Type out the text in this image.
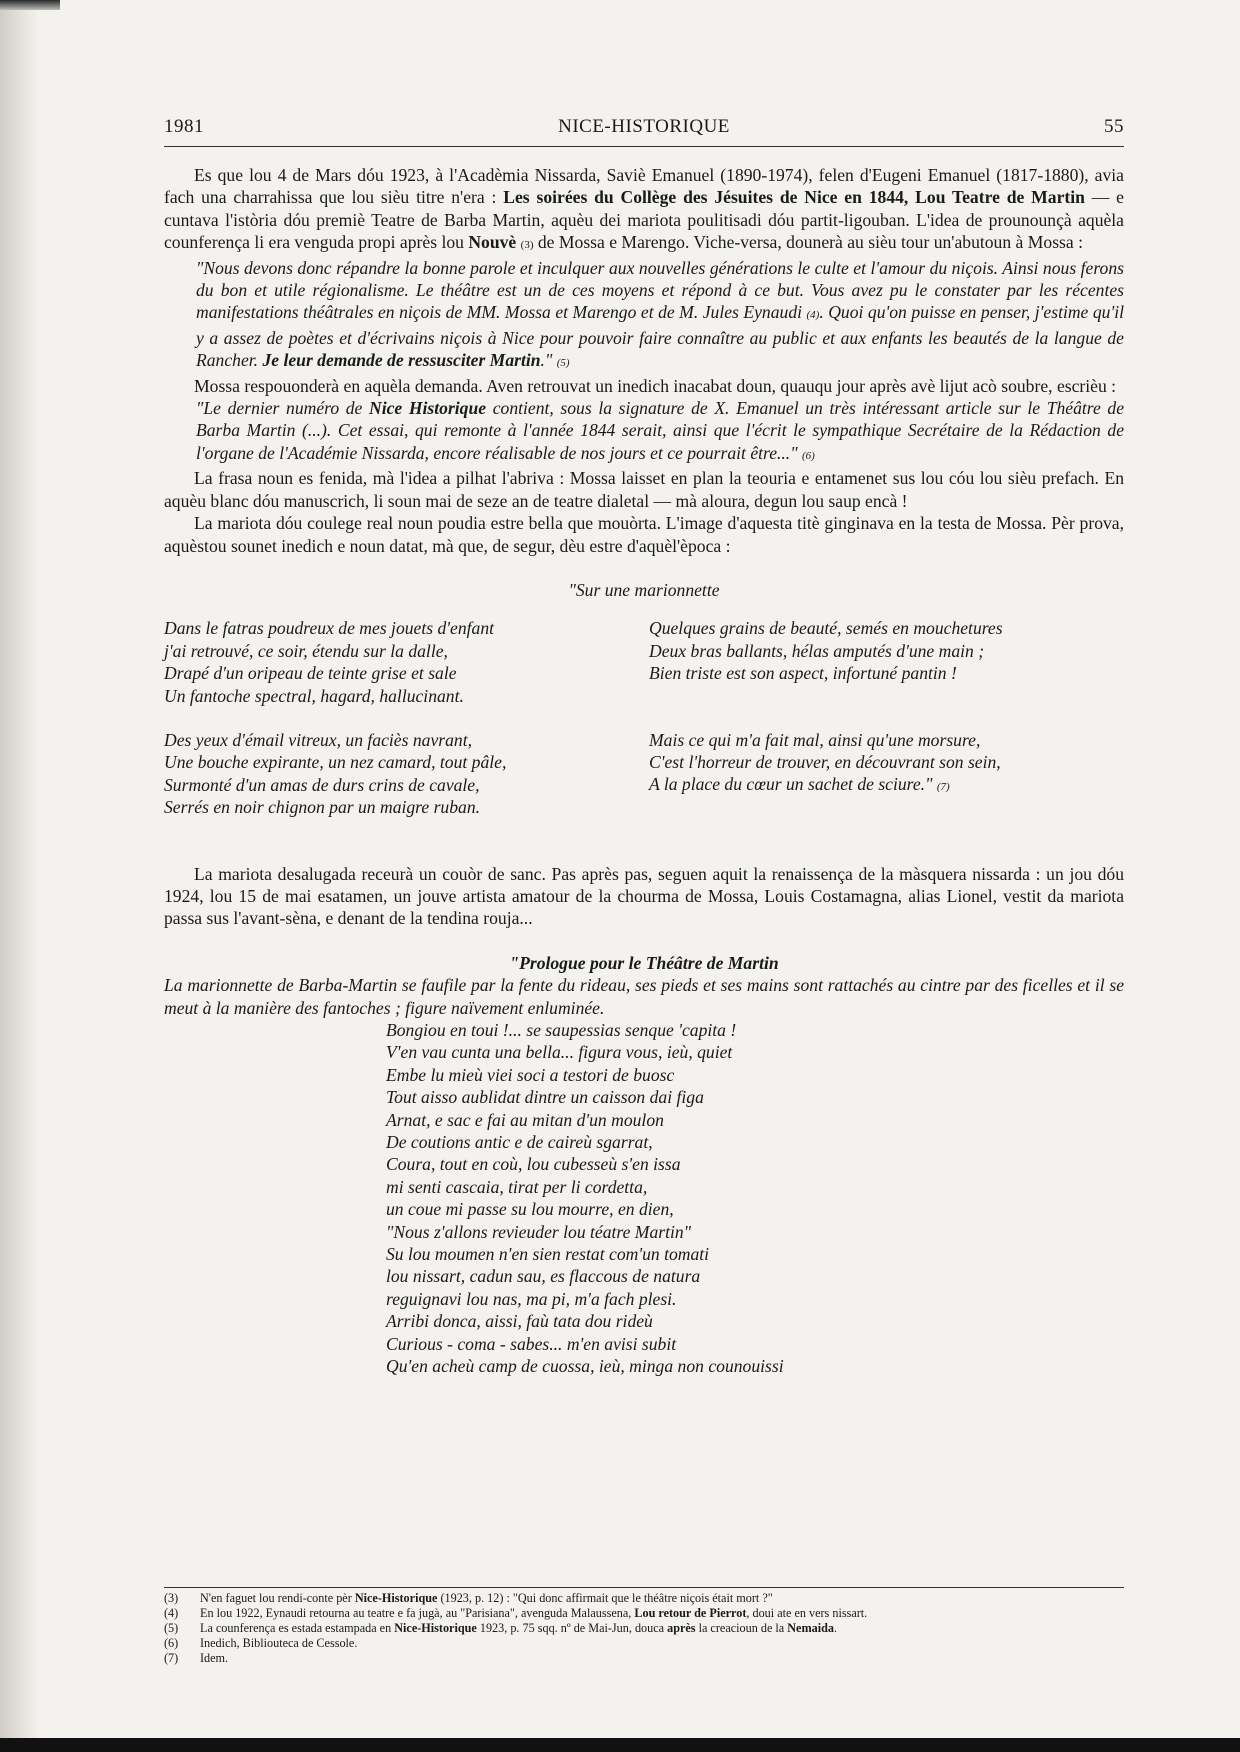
1981	NICE-HISTORIQUE	55

Es que lou 4 de Mars dóu 1923, à l'Acadèmia Nissarda, Saviè Emanuel (1890-1974), felen d'Eugeni Emanuel (1817-1880), avia fach una charrahissa que lou sièu titre n'era : Les soirées du Collège des Jésuites de Nice en 1844, Lou Teatre de Martin — e cuntava l'istòria dóu premiè Teatre de Barba Martin, aquèu dei mariota poulitisadi dóu partit-ligouban. L'idea de prounounçà aquèla counferença li era venguda propi après lou Nouvè (3) de Mossa e Marengo. Viche-versa, dounerà au sièu tour un'abutoun à Mossa :

"Nous devons donc répandre la bonne parole et inculquer aux nouvelles générations le culte et l'amour du niçois. Ainsi nous ferons du bon et utile régionalisme. Le théâtre est un de ces moyens et répond à ce but. Vous avez pu le constater par les récentes manifestations théâtrales en niçois de MM. Mossa et Marengo et de M. Jules Eynaudi (4). Quoi qu'on puisse en penser, j'estime qu'il y a assez de poètes et d'écrivains niçois à Nice pour pouvoir faire connaître au public et aux enfants les beautés de la langue de Rancher. Je leur demande de ressusciter Martin." (5)

Mossa respouonderà en aquèla demanda. Aven retrouvat un inedich inacabat doun, quauqu jour après avè lijut acò soubre, escrièu :

"Le dernier numéro de Nice Historique contient, sous la signature de X. Emanuel un très intéressant article sur le Théâtre de Barba Martin (...). Cet essai, qui remonte à l'année 1844 serait, ainsi que l'écrit le sympathique Secrétaire de la Rédaction de l'organe de l'Académie Nissarda, encore réalisable de nos jours et ce pourrait être..." (6)

La frasa noun es fenida, mà l'idea a pilhat l'abriva : Mossa laisset en plan la teouria e entamenet sus lou cóu lou sièu prefach. En aquèu blanc dóu manuscrich, li soun mai de seze an de teatre dialetal — mà aloura, degun lou saup encà !

La mariota dóu coulege real noun poudia estre bella que mouòrta. L'image d'aquesta titè ginginava en la testa de Mossa. Pèr prova, aquèstou sounet inedich e noun datat, mà que, de segur, dèu estre d'aquèl'època :

"Sur une marionnette

Dans le fatras poudreux de mes jouets d'enfant
j'ai retrouvé, ce soir, étendu sur la dalle,
Drapé d'un oripeau de teinte grise et sale
Un fantoche spectral, hagard, hallucinant.
Des yeux d'émail vitreux, un faciès navrant,
Une bouche expirante, un nez camard, tout pâle,
Surmonté d'un amas de durs crins de cavale,
Serrés en noir chignon par un maigre ruban.
Quelques grains de beauté, semés en mouchetures
Deux bras ballants, hélas amputés d'une main ;
Bien triste est son aspect, infortuné pantin !
Mais ce qui m'a fait mal, ainsi qu'une morsure,
C'est l'horreur de trouver, en découvrant son sein,
A la place du cœur un sachet de sciure." (7)

La mariota desalugada receurà un couòr de sanc. Pas après pas, seguen aquit la renaissença de la màsquera nissarda : un jou dóu 1924, lou 15 de mai esatamen, un jouve artista amatour de la chourma de Mossa, Louis Costamagna, alias Lionel, vestit da mariota passa sus l'avant-sèna, e denant de la tendina rouja...

"Prologue pour le Théâtre de Martin

La marionnette de Barba-Martin se faufile par la fente du rideau, ses pieds et ses mains sont rattachés au cintre par des ficelles et il se meut à la manière des fantoches ; figure naïvement enluminée.

Bongiou en toui !... se saupessias senque 'capita !
V'en vau cunta una bella... figura vous, ieù, quiet
Embe lu mieù viei soci a testori de buosc
Tout aisso aublidat dintre un caisson dai figa
Arnat, e sac e fai au mitan d'un moulon
De coutions antic e de caireù sgarrat,
Coura, tout en coù, lou cubesseù s'en issa
mi senti cascaia, tirat per li cordetta,
un coue mi passe su lou mourre, en dien,
"Nous z'allons revieuder lou téatre Martin"
Su lou moumen n'en sien restat com'un tomati
lou nissart, cadun sau, es flaccous de natura
reguignavi lou nas, ma pi, m'a fach plesi.
Arribi donca, aissi, faù tata dou rideù
Curious - coma - sabes... m'en avisi subit
Qu'en acheù camp de cuossa, ieù, minga non counouissi
(3)	N'en faguet lou rendi-conte pèr Nice-Historique (1923, p. 12) : "Qui donc affirmait que le théâtre niçois était mort ?"
(4)	En lou 1922, Eynaudi retourna au teatre e fa jugà, au "Parisiana", avenguda Malaussena, Lou retour de Pierrot, doui ate en vers nissart.
(5)	La counferença es estada estampada en Nice-Historique 1923, p. 75 sqq. nº de Mai-Jun, douca après la creacioun de la Nemaida.
(6)	Inedich, Bibliouteca de Cessole.
(7)	Idem.
